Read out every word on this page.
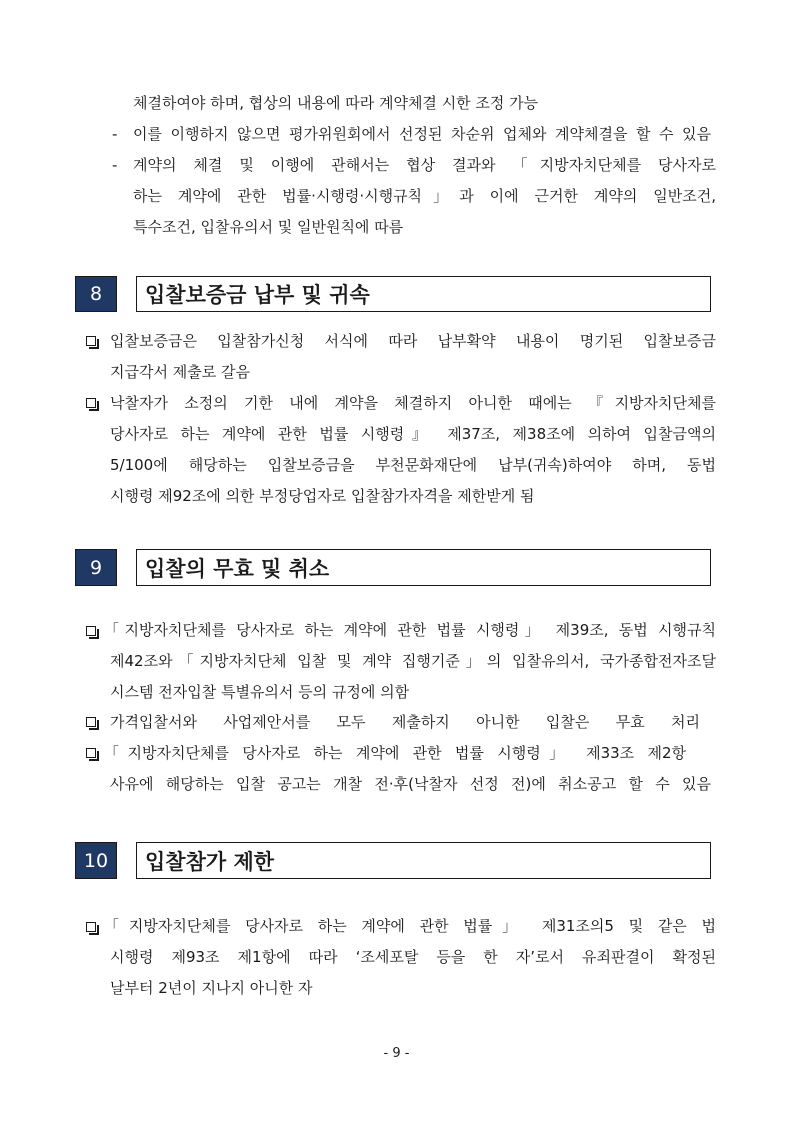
체결하여야 하며, 협상의 내용에 따라 계약체결 시한 조정 가능
- 이를 이행하지 않으면 평가위원회에서 선정된 차순위 업체와 계약체결을 할 수 있음
- 계약의 체결 및 이행에 관해서는 협상 결과와 「지방자치단체를 당사자로
하는 계약에 관한 법률·시행령·시행규칙」과 이에 근거한 계약의 일반조건,
특수조건, 입찰유의서 및 일반원칙에 따름
8	입찰보증금 납부 및 귀속
입찰보증금은 입찰참가신청 서식에 따라 납부확약 내용이 명기된 입찰보증금
지급각서 제출로 갈음
낙찰자가 소정의 기한 내에 계약을 체결하지 아니한 때에는 『지방자치단체를
당사자로 하는 계약에 관한 법률 시행령』 제37조, 제38조에 의하여 입찰금액의
5/100에 해당하는 입찰보증금을 부천문화재단에 납부(귀속)하여야 하며, 동법
시행령 제92조에 의한 부정당업자로 입찰참가자격을 제한받게 됨
9	입찰의 무효 및 취소
「지방자치단체를 당사자로 하는 계약에 관한 법률 시행령」 제39조, 동법 시행규칙
제42조와「지방자치단체 입찰 및 계약 집행기준」의 입찰유의서, 국가종합전자조달
시스템 전자입찰 특별유의서 등의 규정에 의함
가격입찰서와 사업제안서를 모두 제출하지 아니한 입찰은 무효 처리
「지방자치단체를 당사자로 하는 계약에 관한 법률 시행령」 제33조 제2항
사유에 해당하는 입찰 공고는 개찰 전·후(낙찰자 선정 전)에 취소공고 할 수 있음
10	입찰참가 제한
「지방자치단체를 당사자로 하는 계약에 관한 법률」 제31조의5 및 같은 법
시행령 제93조 제1항에 따라 ‘조세포탈 등을 한 자’로서 유죄판결이 확정된
날부터 2년이 지나지 아니한 자
- 9 -
